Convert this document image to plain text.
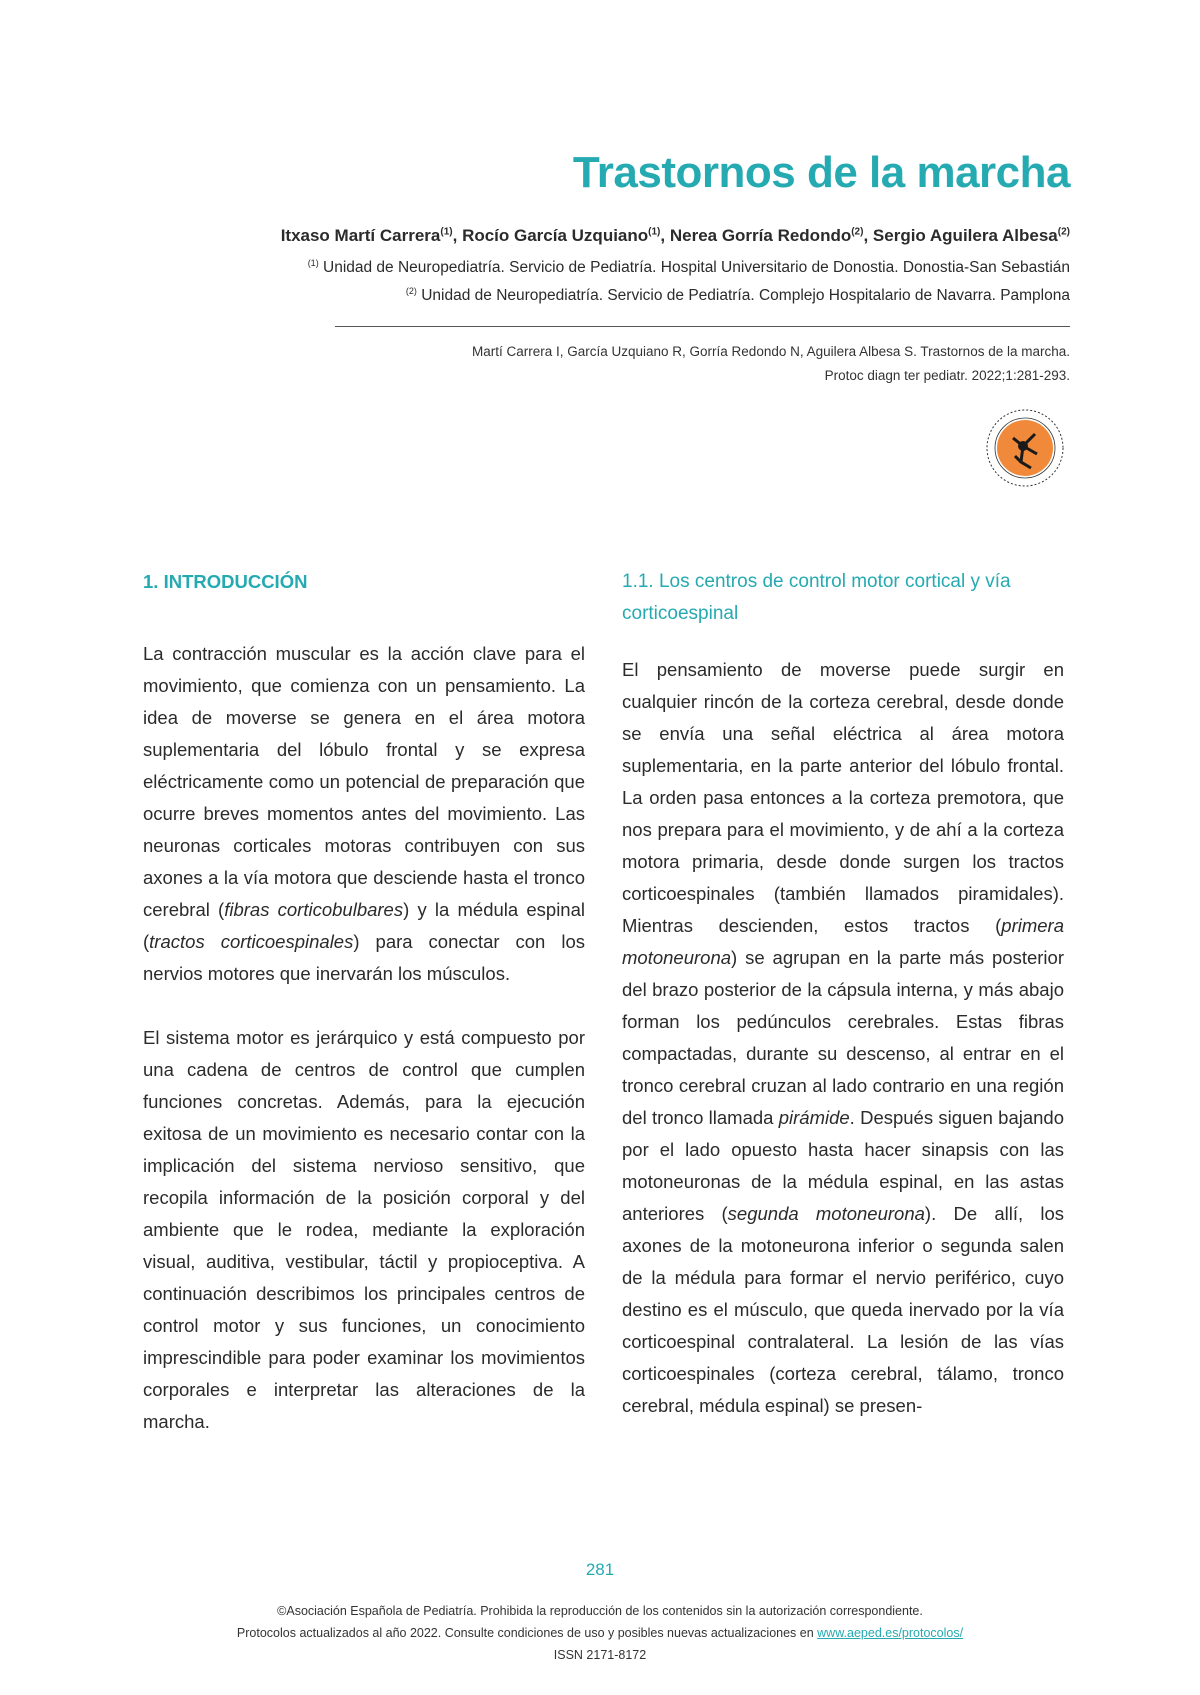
Trastornos de la marcha
Itxaso Martí Carrera$^{(1)}$, Rocío García Uzquiano$^{(1)}$, Nerea Gorría Redondo$^{(2)}$, Sergio Aguilera Albesa$^{(2)}$
$^{(1)}$ Unidad de Neuropediatría. Servicio de Pediatría. Hospital Universitario de Donostia. Donostia-San Sebastián
$^{(2)}$ Unidad de Neuropediatría. Servicio de Pediatría. Complejo Hospitalario de Navarra. Pamplona
Martí Carrera I, García Uzquiano R, Gorría Redondo N, Aguilera Albesa S. Trastornos de la marcha.
Protoc diagn ter pediatr. 2022;1:281-293.
1. INTRODUCCIÓN

La contracción muscular es la acción clave para el movimiento, que comienza con un pensamiento. La idea de moverse se genera en el área motora suplementaria del lóbulo frontal y se expresa eléctricamente como un potencial de preparación que ocurre breves momentos antes del movimiento. Las neuronas corticales motoras contribuyen con sus axones a la vía motora que desciende hasta el tronco cerebral (fibras corticobulbares) y la médula espinal (tractos corticoespinales) para conectar con los nervios motores que inervarán los músculos.

El sistema motor es jerárquico y está compuesto por una cadena de centros de control que cumplen funciones concretas. Además, para la ejecución exitosa de un movimiento es necesario contar con la implicación del sistema nervioso sensitivo, que recopila información de la posición corporal y del ambiente que le rodea, mediante la exploración visual, auditiva, vestibular, táctil y propioceptiva. A continuación describimos los principales centros de control motor y sus funciones, un conocimiento imprescindible para poder examinar los movimientos corporales e interpretar las alteraciones de la marcha.

1.1. Los centros de control motor cortical y vía corticoespinal

El pensamiento de moverse puede surgir en cualquier rincón de la corteza cerebral, desde donde se envía una señal eléctrica al área motora suplementaria, en la parte anterior del lóbulo frontal. La orden pasa entonces a la corteza premotora, que nos prepara para el movimiento, y de ahí a la corteza motora primaria, desde donde surgen los tractos corticoespinales (también llamados piramidales). Mientras descienden, estos tractos (primera motoneurona) se agrupan en la parte más posterior del brazo posterior de la cápsula interna, y más abajo forman los pedúnculos cerebrales. Estas fibras compactadas, durante su descenso, al entrar en el tronco cerebral cruzan al lado contrario en una región del tronco llamada pirámide. Después siguen bajando por el lado opuesto hasta hacer sinapsis con las motoneuronas de la médula espinal, en las astas anteriores (segunda motoneurona). De allí, los axones de la motoneurona inferior o segunda salen de la médula para formar el nervio periférico, cuyo destino es el músculo, que queda inervado por la vía corticoespinal contralateral. La lesión de las vías corticoespinales (corteza cerebral, tálamo, tronco cerebral, médula espinal) se presen-

281
©Asociación Española de Pediatría. Prohibida la reproducción de los contenidos sin la autorización correspondiente.
Protocolos actualizados al año 2022. Consulte condiciones de uso y posibles nuevas actualizaciones en www.aeped.es/protocolos/
ISSN 2171-8172
